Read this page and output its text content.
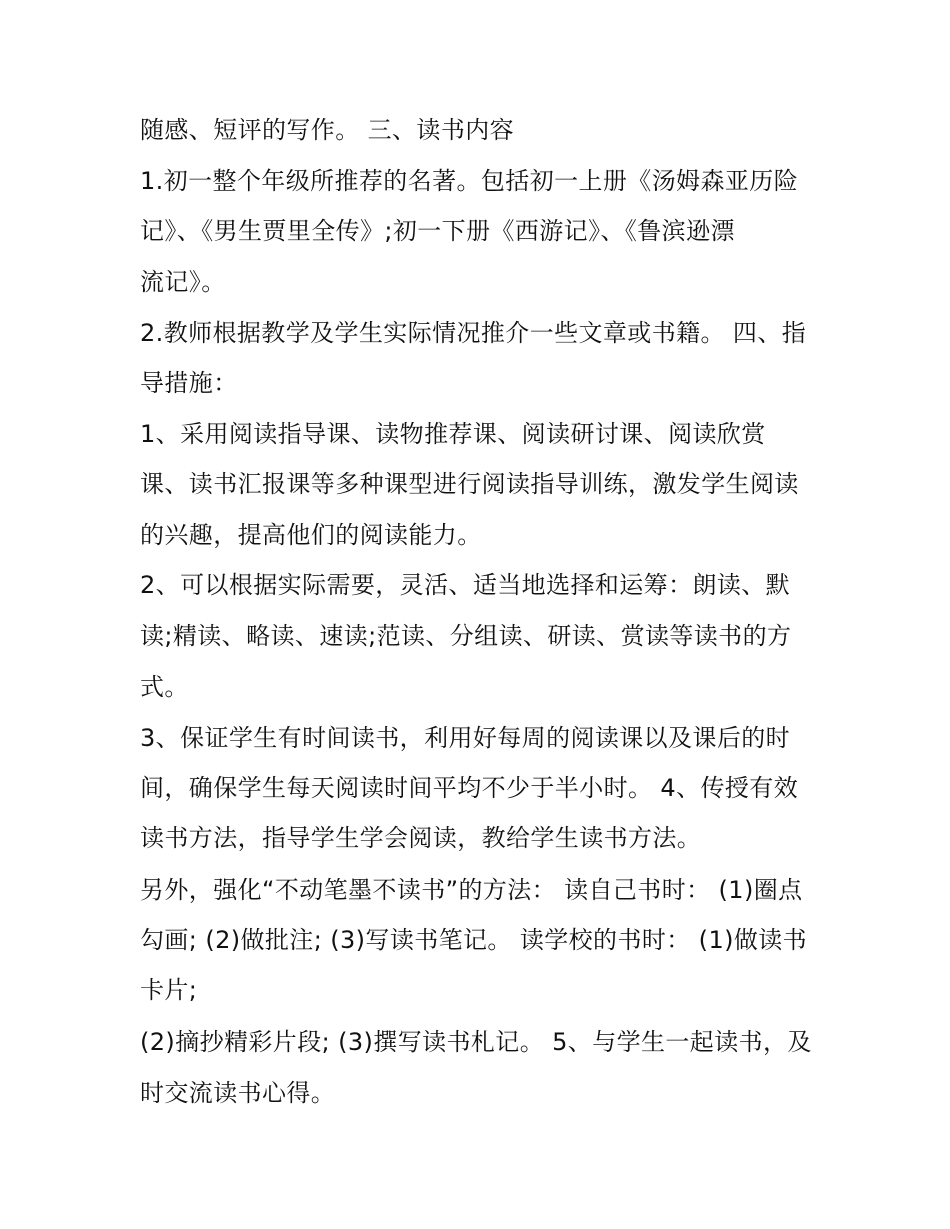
随感、短评的写作。 三、读书内容
1.初一整个年级所推荐的名著。包括初一上册《汤姆森亚历险
记》、《男生贾里全传》;初一下册《西游记》、《鲁滨逊漂
流记》。
2.教师根据教学及学生实际情况推介一些文章或书籍。 四、指
导措施：
1、采用阅读指导课、读物推荐课、阅读研讨课、阅读欣赏
课、读书汇报课等多种课型进行阅读指导训练，激发学生阅读
的兴趣，提高他们的阅读能力。
2、可以根据实际需要，灵活、适当地选择和运筹：朗读、默
读;精读、略读、速读;范读、分组读、研读、赏读等读书的方
式。
3、保证学生有时间读书，利用好每周的阅读课以及课后的时
间，确保学生每天阅读时间平均不少于半小时。 4、传授有效
读书方法，指导学生学会阅读，教给学生读书方法。
另外，强化“不动笔墨不读书”的方法： 读自己书时： (1)圈点
勾画; (2)做批注; (3)写读书笔记。 读学校的书时： (1)做读书
卡片;
(2)摘抄精彩片段; (3)撰写读书札记。 5、与学生一起读书，及
时交流读书心得。
